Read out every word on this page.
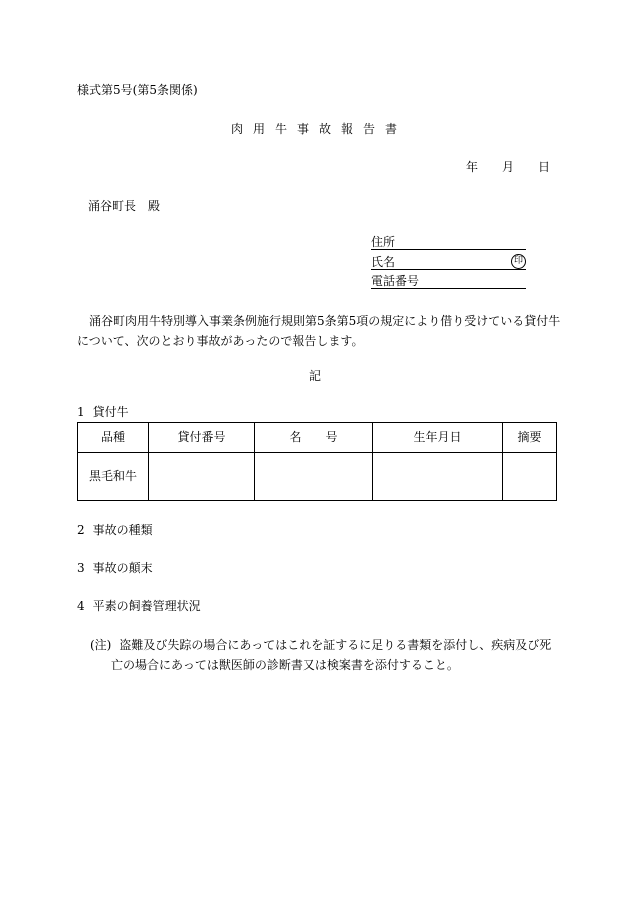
様式第5号(第5条関係)
肉用牛事故報告書
年 月 日
涌谷町長　殿
住所
氏名	印
電話番号
涌谷町肉用牛特別導入事業条例施行規則第5条第5項の規定により借り受けている貸付牛
について、次のとおり事故があったので報告します。
記
1 貸付牛
品種	貸付番号	名　　号	生年月日	摘要
黒毛和牛				
2 事故の種類
3 事故の顛末
4 平素の飼養管理状況
(注) 盗難及び失踪の場合にあってはこれを証するに足りる書類を添付し、疾病及び死
亡の場合にあっては獣医師の診断書又は検案書を添付すること。
